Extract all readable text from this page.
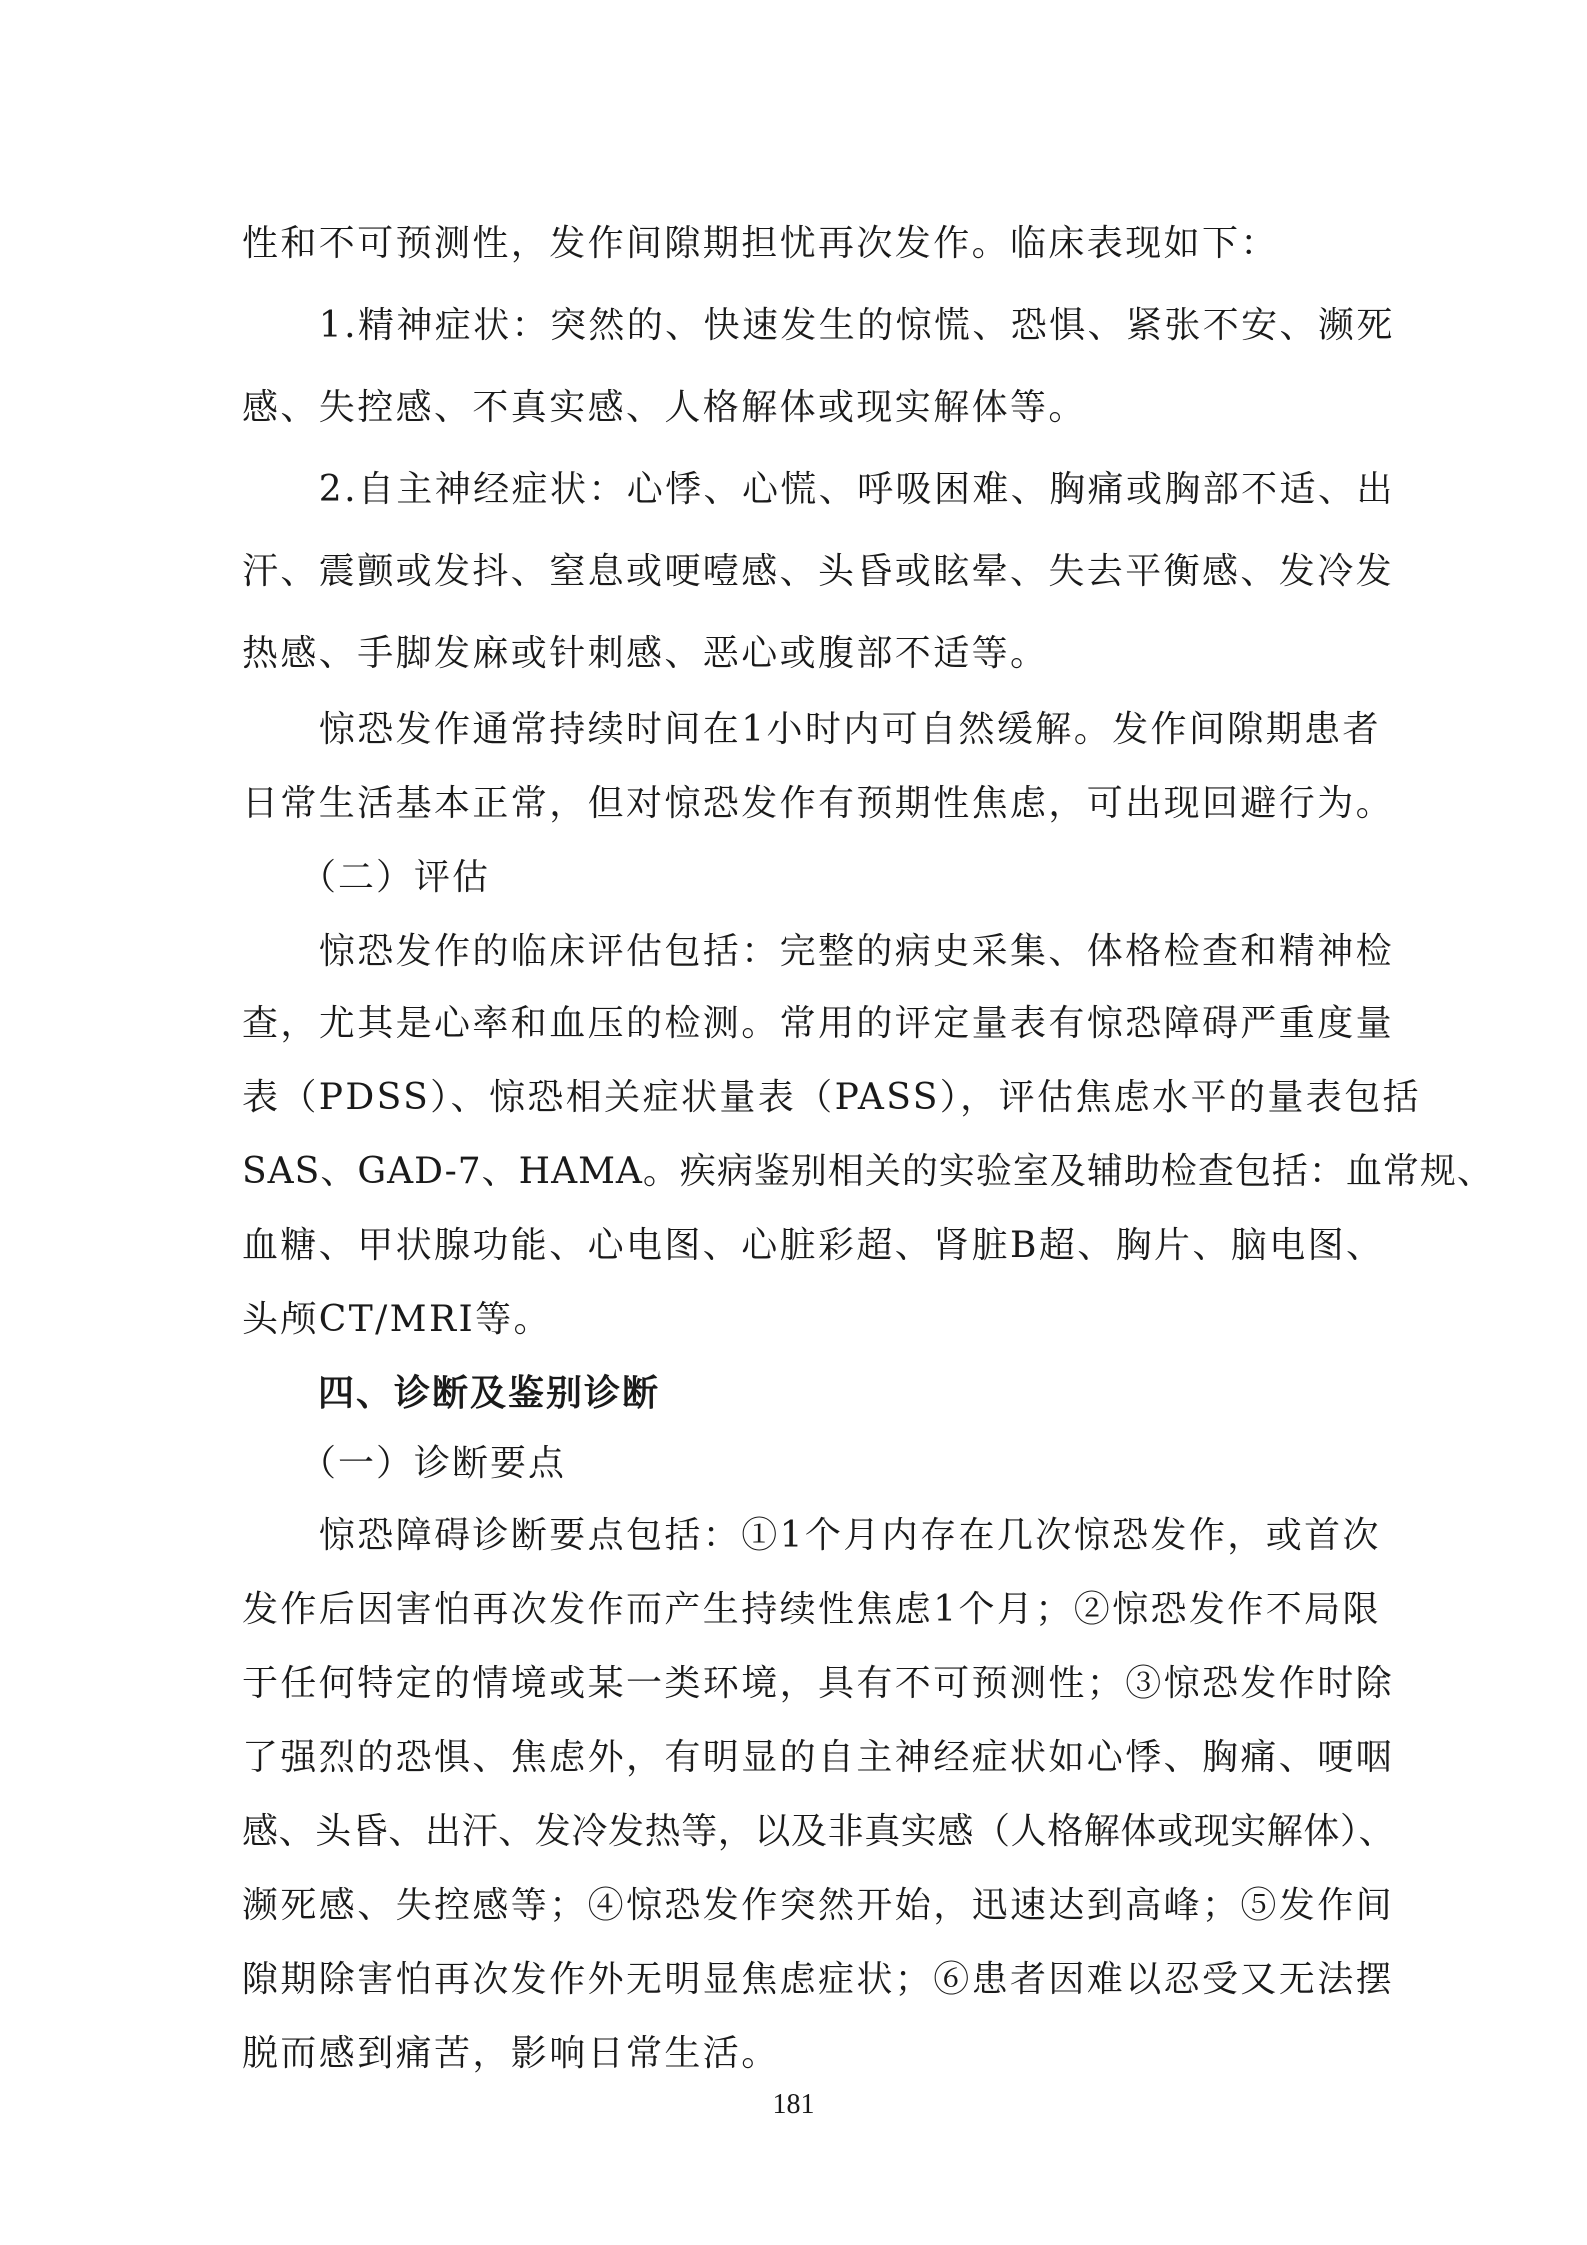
性和不可预测性，发作间隙期担忧再次发作。临床表现如下：
　　1.精神症状：突然的、快速发生的惊慌、恐惧、紧张不安、濒死
感、失控感、不真实感、人格解体或现实解体等。
　　2.自主神经症状：心悸、心慌、呼吸困难、胸痛或胸部不适、出
汗、震颤或发抖、窒息或哽噎感、头昏或眩晕、失去平衡感、发冷发
热感、手脚发麻或针刺感、恶心或腹部不适等。
　　惊恐发作通常持续时间在1小时内可自然缓解。发作间隙期患者
日常生活基本正常，但对惊恐发作有预期性焦虑，可出现回避行为。
　　（二）评估
　　惊恐发作的临床评估包括：完整的病史采集、体格检查和精神检
查，尤其是心率和血压的检测。常用的评定量表有惊恐障碍严重度量
表（PDSS）、惊恐相关症状量表（PASS），评估焦虑水平的量表包括
SAS、GAD-7、HAMA。疾病鉴别相关的实验室及辅助检查包括：血常规、
血糖、甲状腺功能、心电图、心脏彩超、肾脏B超、胸片、脑电图、
头颅CT/MRI等。
　　四、诊断及鉴别诊断
　　（一）诊断要点
　　惊恐障碍诊断要点包括：①1个月内存在几次惊恐发作，或首次
发作后因害怕再次发作而产生持续性焦虑1个月；②惊恐发作不局限
于任何特定的情境或某一类环境，具有不可预测性；③惊恐发作时除
了强烈的恐惧、焦虑外，有明显的自主神经症状如心悸、胸痛、哽咽
感、头昏、出汗、发冷发热等，以及非真实感（人格解体或现实解体）、
濒死感、失控感等；④惊恐发作突然开始，迅速达到高峰；⑤发作间
隙期除害怕再次发作外无明显焦虑症状；⑥患者因难以忍受又无法摆
脱而感到痛苦，影响日常生活。
181
